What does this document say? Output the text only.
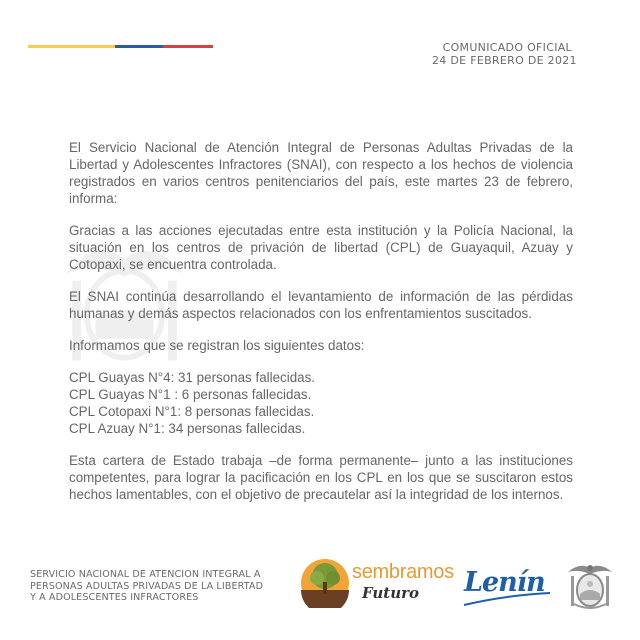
COMUNICADO OFICIAL
24 DE FEBRERO DE 2021

El Servicio Nacional de Atención Integral de Personas Adultas Privadas de la Libertad y Adolescentes Infractores (SNAI), con respecto a los hechos de violencia registrados en varios centros penitenciarios del país, este martes 23 de febrero, informa:

Gracias a las acciones ejecutadas entre esta institución y la Policía Nacional, la situación en los centros de privación de libertad (CPL) de Guayaquil, Azuay y Cotopaxi, se encuentra controlada.

El SNAI continúa desarrollando el levantamiento de información de las pérdidas humanas y demás aspectos relacionados con los enfrentamientos suscitados.

Informamos que se registran los siguientes datos:

CPL Guayas N°4: 31 personas fallecidas.
CPL Guayas N°1 : 6 personas fallecidas.
CPL Cotopaxi N°1: 8 personas fallecidas.
CPL Azuay N°1: 34 personas fallecidas.

Esta cartera de Estado trabaja –de forma permanente– junto a las instituciones competentes, para lograr la pacificación en los CPL en los que se suscitaron estos hechos lamentables, con el objetivo de precautelar así la integridad de los internos.

SERVICIO NACIONAL DE ATENCION INTEGRAL A
PERSONAS ADULTAS PRIVADAS DE LA LIBERTAD
Y A ADOLESCENTES INFRACTORES
sembramos
Futuro Lenín
